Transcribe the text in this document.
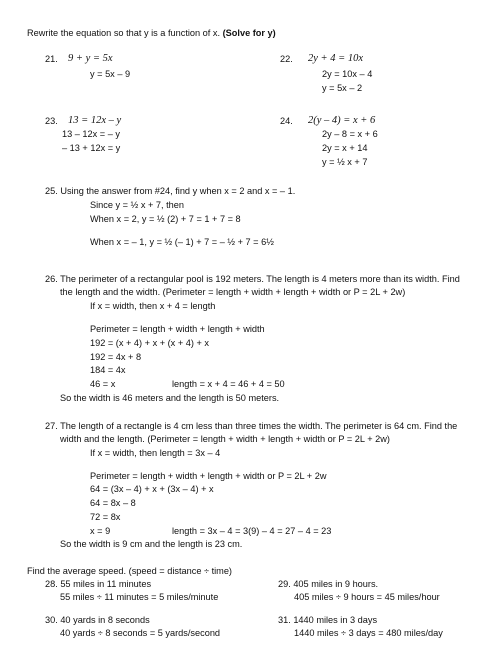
Rewrite the equation so that y is a function of x. (Solve for y)
21. 9 + y = 5x
y = 5x – 9
22. 2y + 4 = 10x
2y = 10x – 4
y = 5x – 2
23. 13 = 12x – y
13 – 12x = – y
– 13 + 12x = y
24. 2(y – 4) = x + 6
2y – 8 = x + 6
2y = x + 14
y = ½ x + 7
25. Using the answer from #24, find y when x = 2 and x = – 1.
Since y = ½ x + 7, then
When x = 2, y = ½ (2) + 7 = 1 + 7 = 8
When x = – 1, y = ½ (– 1) + 7 = – ½ + 7 = 6½
26. The perimeter of a rectangular pool is 192 meters. The length is 4 meters more than its width. Find
the length and the width. (Perimeter = length + width + length + width or P = 2L + 2w)
If x = width, then x + 4 = length
Perimeter = length + width + length + width
192 = (x + 4) + x + (x + 4) + x
192 = 4x + 8
184 = 4x
46 = x	length = x + 4 = 46 + 4 = 50
So the width is 46 meters and the length is 50 meters.
27. The length of a rectangle is 4 cm less than three times the width. The perimeter is 64 cm. Find the
width and the length. (Perimeter = length + width + length + width or P = 2L + 2w)
If x = width, then length = 3x – 4
Perimeter = length + width + length + width or P = 2L + 2w
64 = (3x – 4) + x + (3x – 4) + x
64 = 8x – 8
72 = 8x
x = 9	length = 3x – 4 = 3(9) – 4 = 27 – 4 = 23
So the width is 9 cm and the length is 23 cm.
Find the average speed. (speed = distance ÷ time)
28. 55 miles in 11 minutes
55 miles ÷ 11 minutes = 5 miles/minute
29. 405 miles in 9 hours.
405 miles ÷ 9 hours = 45 miles/hour
30. 40 yards in 8 seconds
40 yards ÷ 8 seconds = 5 yards/second
31. 1440 miles in 3 days
1440 miles ÷ 3 days = 480 miles/day
